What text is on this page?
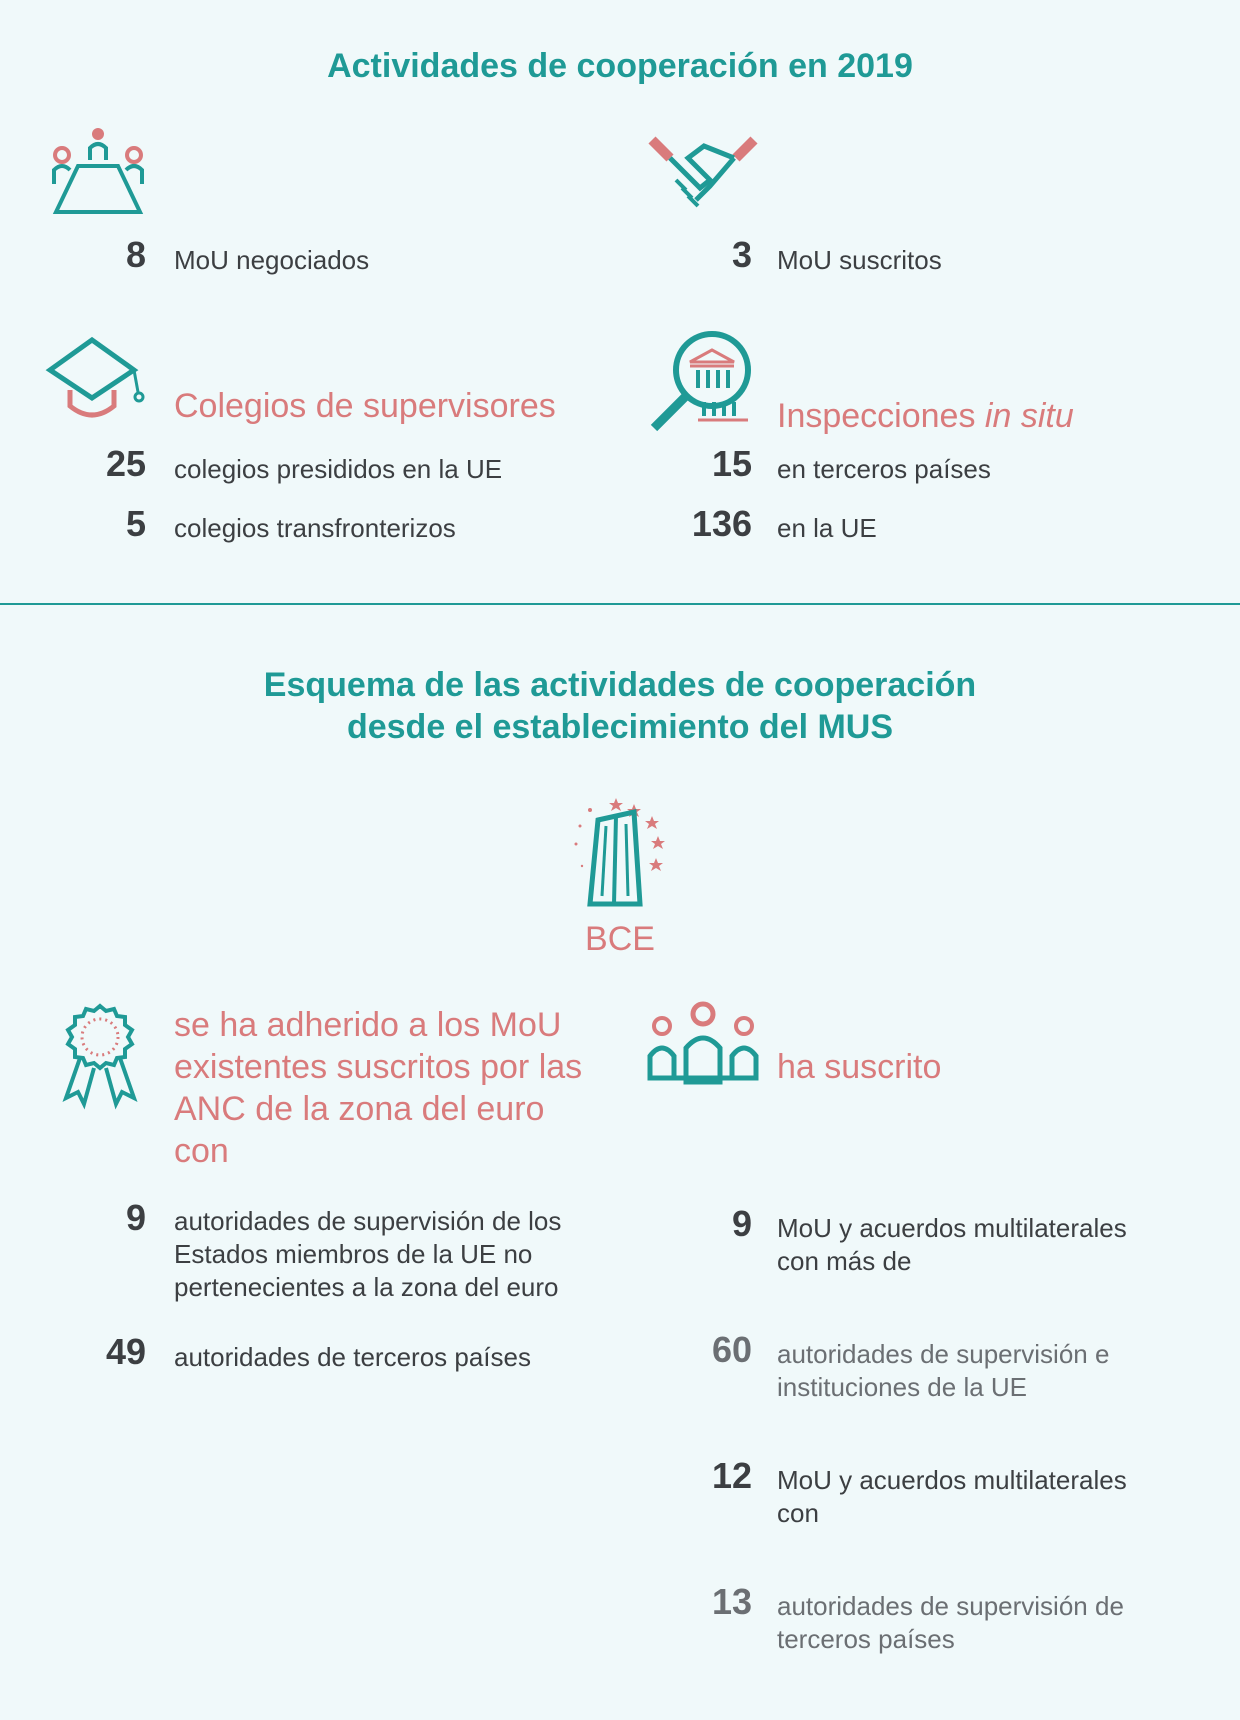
Actividades de cooperación en 2019
8 MoU negociados	3 MoU suscritos
Colegios de supervisores
25 colegios presididos en la UE
5 colegios transfronterizos
Inspecciones in situ
15 en terceros países
136 en la UE
Esquema de las actividades de cooperación
desde el establecimiento del MUS
BCE
se ha adherido a los MoU
existentes suscritos por las
ANC de la zona del euro
con
9 autoridades de supervisión de los
Estados miembros de la UE no
pertenecientes a la zona del euro
49 autoridades de terceros países
ha suscrito
9 MoU y acuerdos multilaterales
con más de
60 autoridades de supervisión e
instituciones de la UE
12 MoU y acuerdos multilaterales
con
13 autoridades de supervisión de
terceros países
